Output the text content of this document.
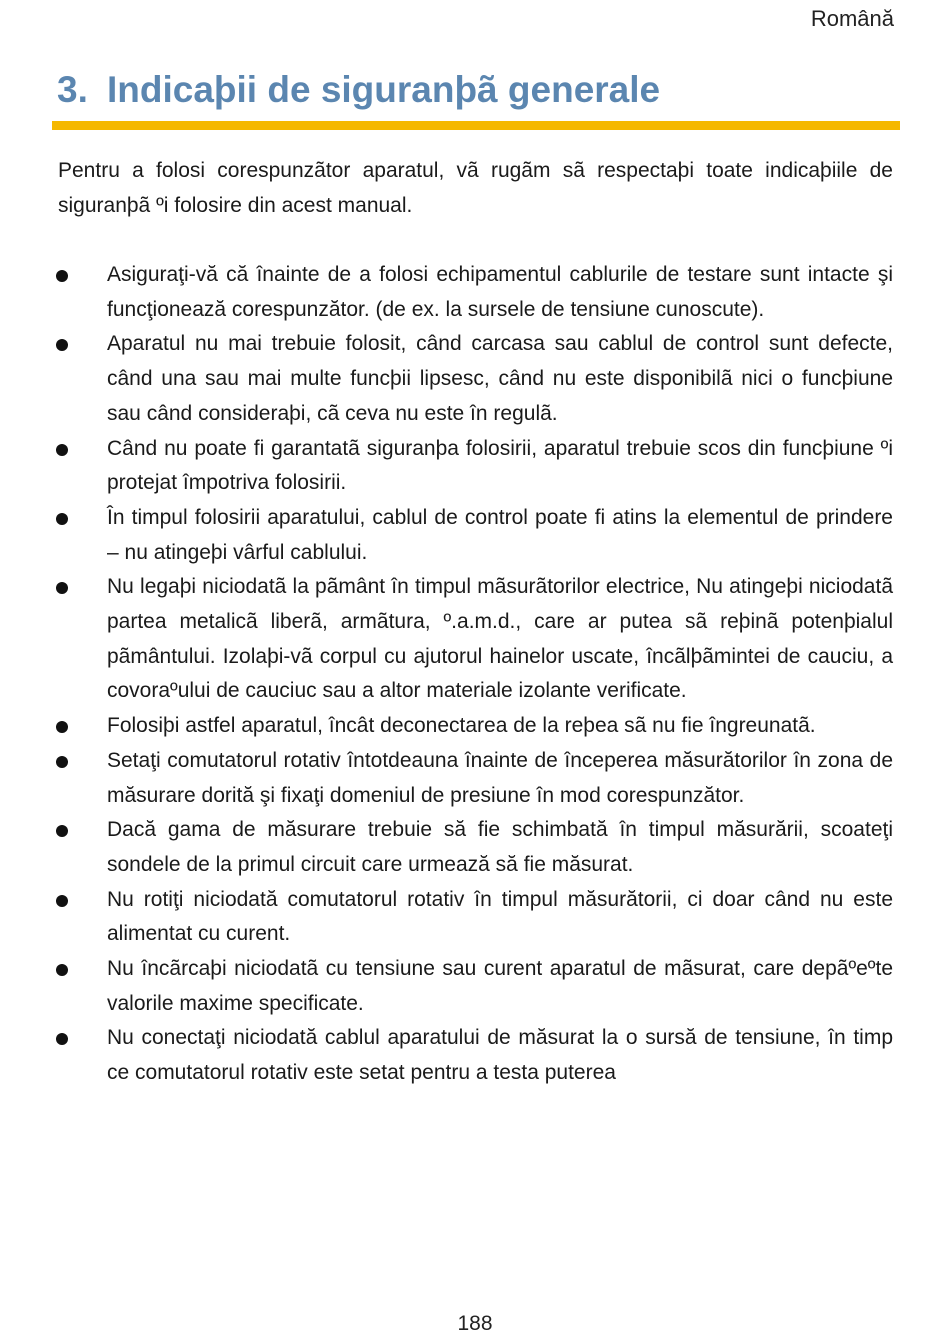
Română
3. Indicaþii de siguranþã generale

Pentru a folosi corespunzãtor aparatul, vã rugãm sã respectaþi toate indicaþiile de siguranþã ºi folosire din acest manual.

Asiguraţi-vă că înainte de a folosi echipamentul cablurile de testare sunt intacte şi funcţionează corespunzător. (de ex. la sursele de tensiune cunoscute).
Aparatul nu mai trebuie folosit, când carcasa sau cablul de control sunt defecte, când una sau mai multe funcþii lipsesc, când nu este disponibilã nici o funcþiune sau când consideraþi, cã ceva nu este în regulã.
Când nu poate fi garantatã siguranþa folosirii, aparatul trebuie scos din funcþiune ºi protejat împotriva folosirii.
În timpul folosirii aparatului, cablul de control poate fi atins la elementul de prindere – nu atingeþi vârful cablului.
Nu legaþi niciodatã la pãmânt în timpul mãsurãtorilor electrice, Nu atingeþi niciodatã partea metalicã liberã, armãtura, º.a.m.d., care ar putea sã reþinã potenþialul pãmântului. Izolaþi-vã corpul cu ajutorul hainelor uscate, încãlþãmintei de cauciu, a covoraºului de cauciuc sau a altor materiale izolante verificate.
Folosiþi astfel aparatul, încât deconectarea de la reþea sã nu fie îngreunatã.
Setaţi comutatorul rotativ întotdeauna înainte de începerea măsurătorilor în zona de măsurare dorită şi fixaţi domeniul de presiune în mod corespunzător.
Dacă gama de măsurare trebuie să fie schimbată în timpul măsurării, scoateţi sondele de la primul circuit care urmează să fie măsurat.
Nu rotiţi niciodată comutatorul rotativ în timpul măsurătorii, ci doar când nu este alimentat cu curent.
Nu încãrcaþi niciodatã cu tensiune sau curent aparatul de mãsurat, care depãºeºte valorile maxime specificate.
Nu conectaţi niciodată cablul aparatului de măsurat la o sursă de tensiune, în timp ce comutatorul rotativ este setat pentru a testa puterea
188
